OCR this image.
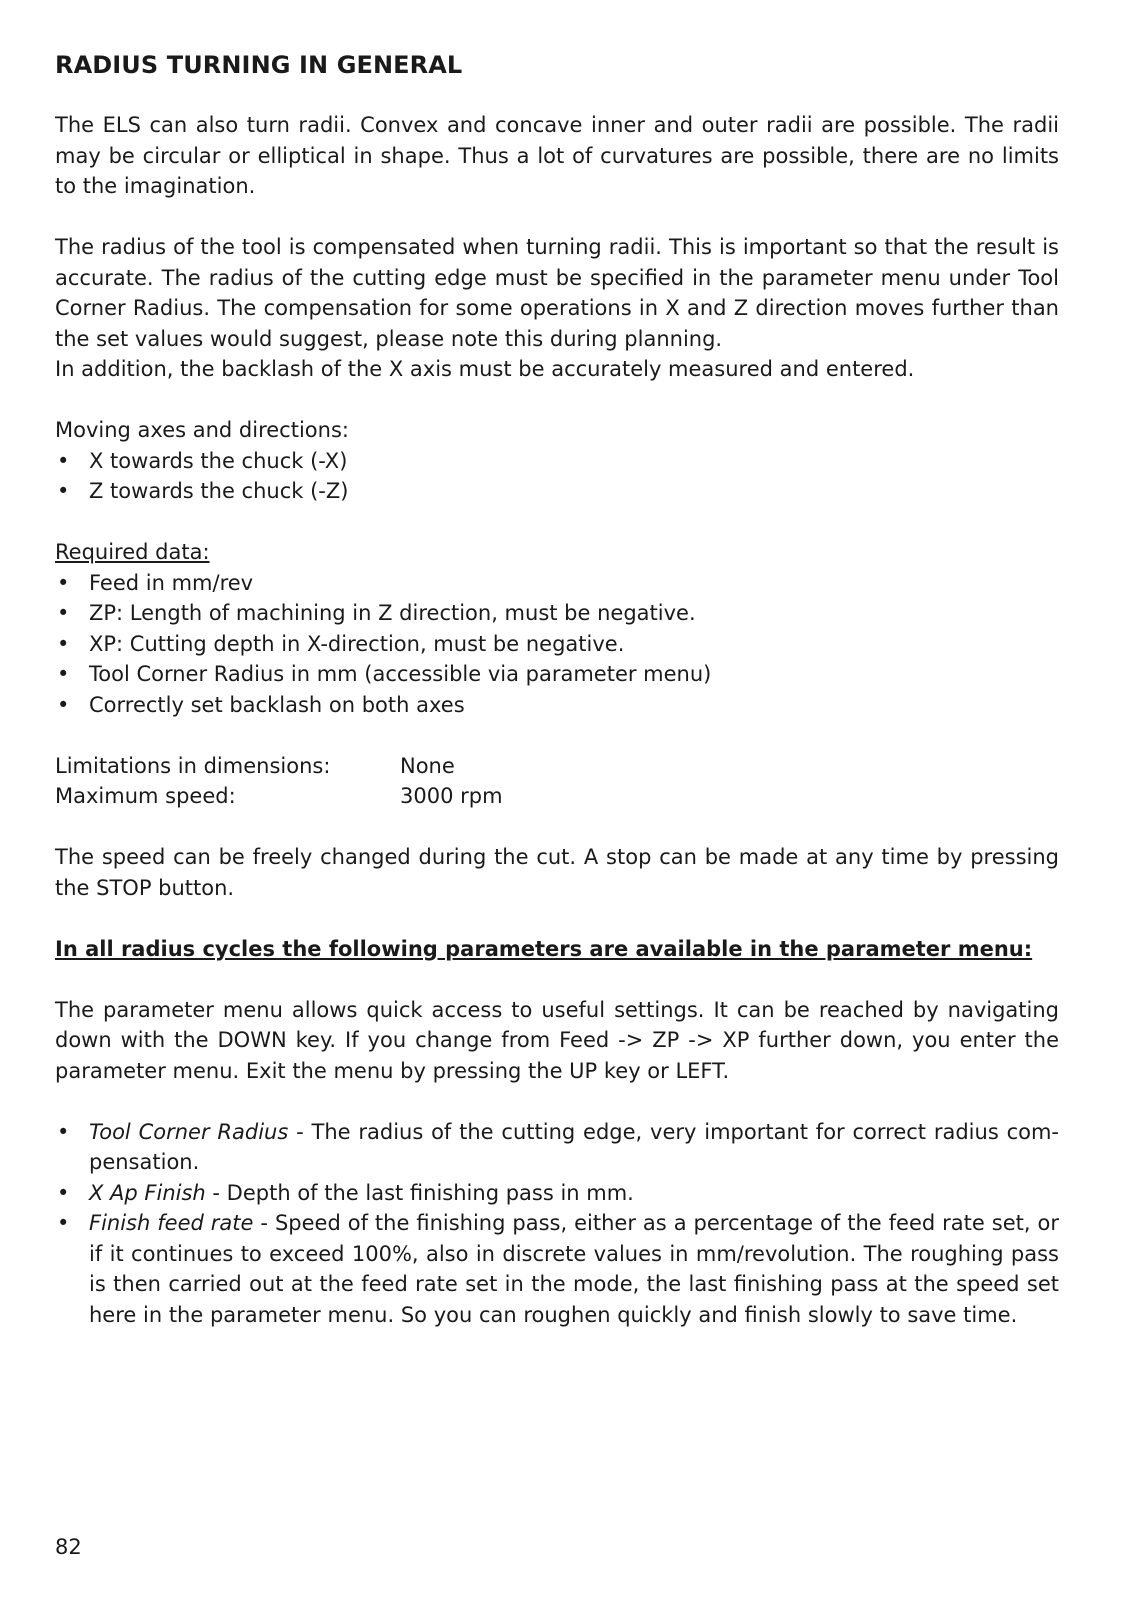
RADIUS TURNING IN GENERAL

The ELS can also turn radii. Convex and concave inner and outer radii are possible. The radii may be circular or elliptical in shape. Thus a lot of curvatures are possible, there are no limits to the imagination.

The radius of the tool is compensated when turning radii. This is important so that the result is accurate. The radius of the cutting edge must be specified in the parameter menu under Tool Corner Radius. The compensation for some operations in X and Z direction moves further than the set values would suggest, please note this during planning.

In addition, the backlash of the X axis must be accurately measured and entered.

Moving axes and directions:

• X towards the chuck (-X)
• Z towards the chuck (-Z)

Required data:

• Feed in mm/rev
• ZP: Length of machining in Z direction, must be negative.
• XP: Cutting depth in X-direction, must be negative.
• Tool Corner Radius in mm (accessible via parameter menu)
• Correctly set backlash on both axes
Limitations in dimensions:	None
Maximum speed:	3000 rpm

The speed can be freely changed during the cut. A stop can be made at any time by pressing the STOP button.

In all radius cycles the following parameters are available in the parameter menu:

The parameter menu allows quick access to useful settings. It can be reached by navigating down with the DOWN key. If you change from Feed -> ZP -> XP further down, you enter the parameter menu. Exit the menu by pressing the UP key or LEFT.

• Tool Corner Radius - The radius of the cutting edge, very important for correct radius com-pensation.
• X Ap Finish - Depth of the last finishing pass in mm.
• Finish feed rate - Speed of the finishing pass, either as a percentage of the feed rate set, or if it continues to exceed 100%, also in discrete values in mm/revolution. The roughing pass is then carried out at the feed rate set in the mode, the last finishing pass at the speed set here in the parameter menu. So you can roughen quickly and finish slowly to save time.
82
